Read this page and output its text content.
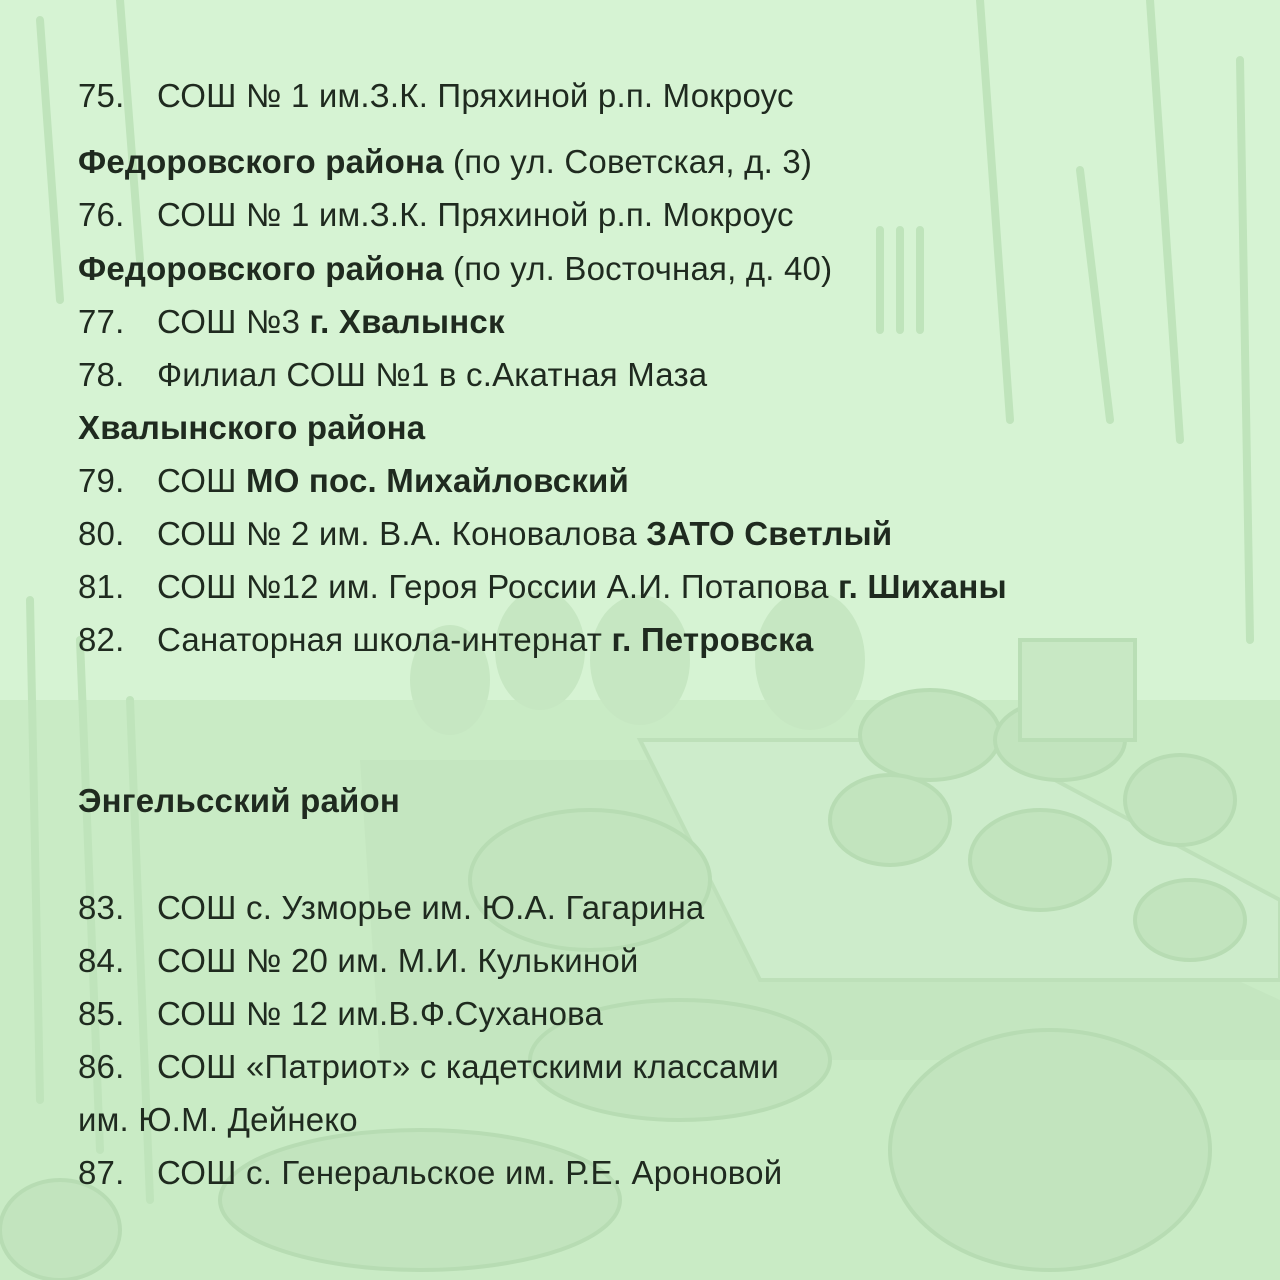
75. СОШ № 1 им.З.К. Пряхиной р.п. Мокроус
Федоровского района (по ул. Советская, д. 3)
76. СОШ № 1 им.З.К. Пряхиной р.п. Мокроус
Федоровского района (по ул. Восточная, д. 40)
77. СОШ №3 г. Хвалынск
78. Филиал СОШ №1 в с.Акатная Маза
Хвалынского района
79. СОШ МО пос. Михайловский
80. СОШ № 2 им. В.А. Коновалова ЗАТО Светлый
81. СОШ №12 им. Героя России А.И. Потапова г. Шиханы
82. Санаторная школа-интернат г. Петровска
Энгельсский район
83. СОШ с. Узморье им. Ю.А. Гагарина
84. СОШ № 20 им. М.И. Кулькиной
85. СОШ № 12 им.В.Ф.Суханова
86. СОШ «Патриот» с кадетскими классами
им. Ю.М. Дейнеко
87. СОШ с. Генеральское им. Р.Е. Ароновой
